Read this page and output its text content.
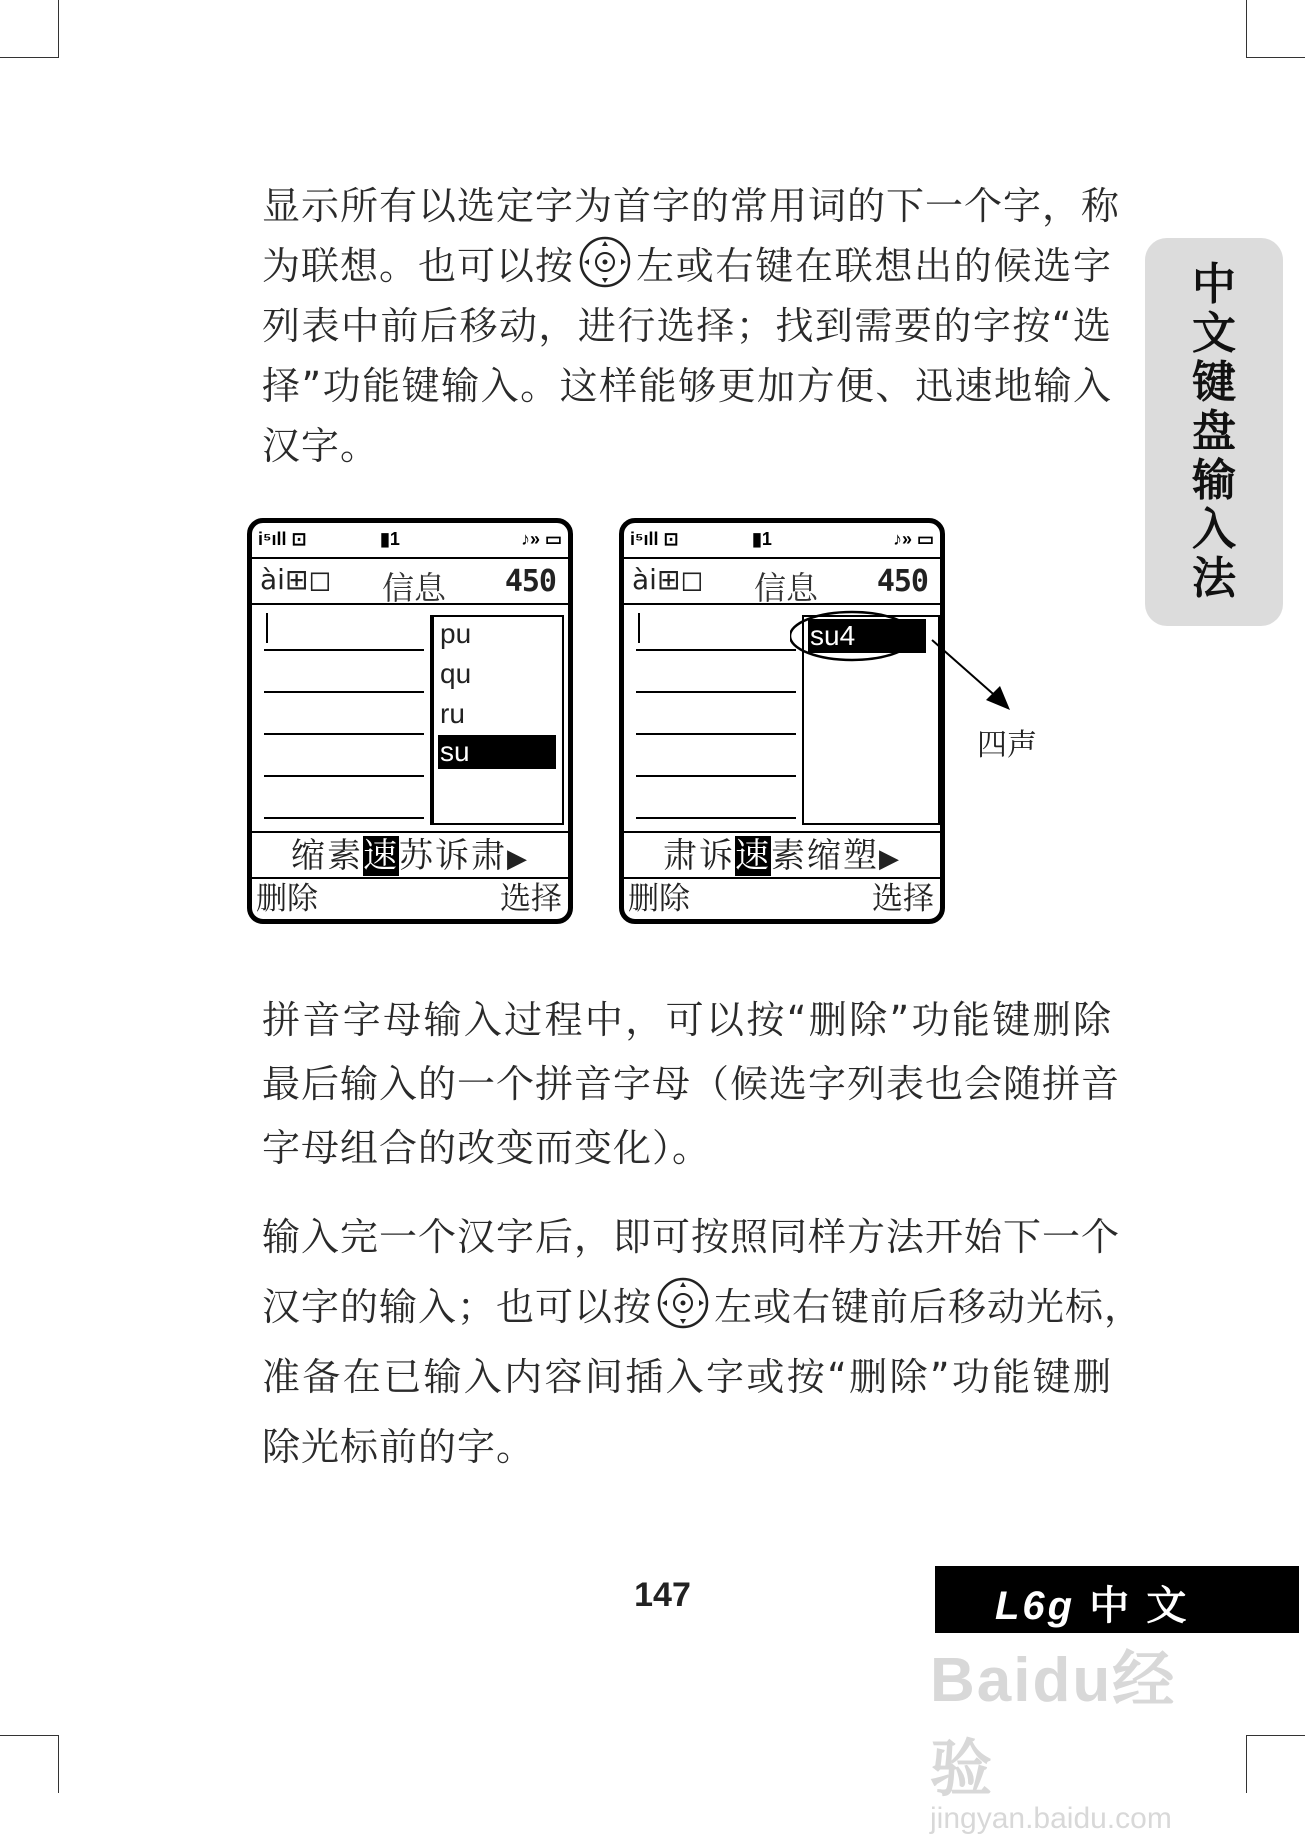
中
文
键
盘
输
入
法
显示所有以选定字为首字的常用词的下一个字，称
为联想。也可以按 左或右键在联想出的候选字
列表中前后移动，进行选择；找到需要的字按“选
择”功能键输入。这样能够更加方便、迅速地输入
汉字。
i⁵ıll ⊡	▮1	♪» ▭
ài⊞◻ 信息 450
pu
qu
ru
su
缩素速苏诉肃▶
删除	选择
i⁵ıll ⊡	▮1	♪» ▭
ài⊞◻ 信息 450
su4
肃诉速素缩塑▶
删除	选择
四声
拼音字母输入过程中，可以按“删除”功能键删除
最后输入的一个拼音字母（候选字列表也会随拼音
字母组合的改变而变化）。
输入完一个汉字后，即可按照同样方法开始下一个
汉字的输入；也可以按 左或右键前后移动光标，
准备在已输入内容间插入字或按“删除”功能键删
除光标前的字。
147	L6g 中 文
Baidu经验
jingyan.baidu.com
